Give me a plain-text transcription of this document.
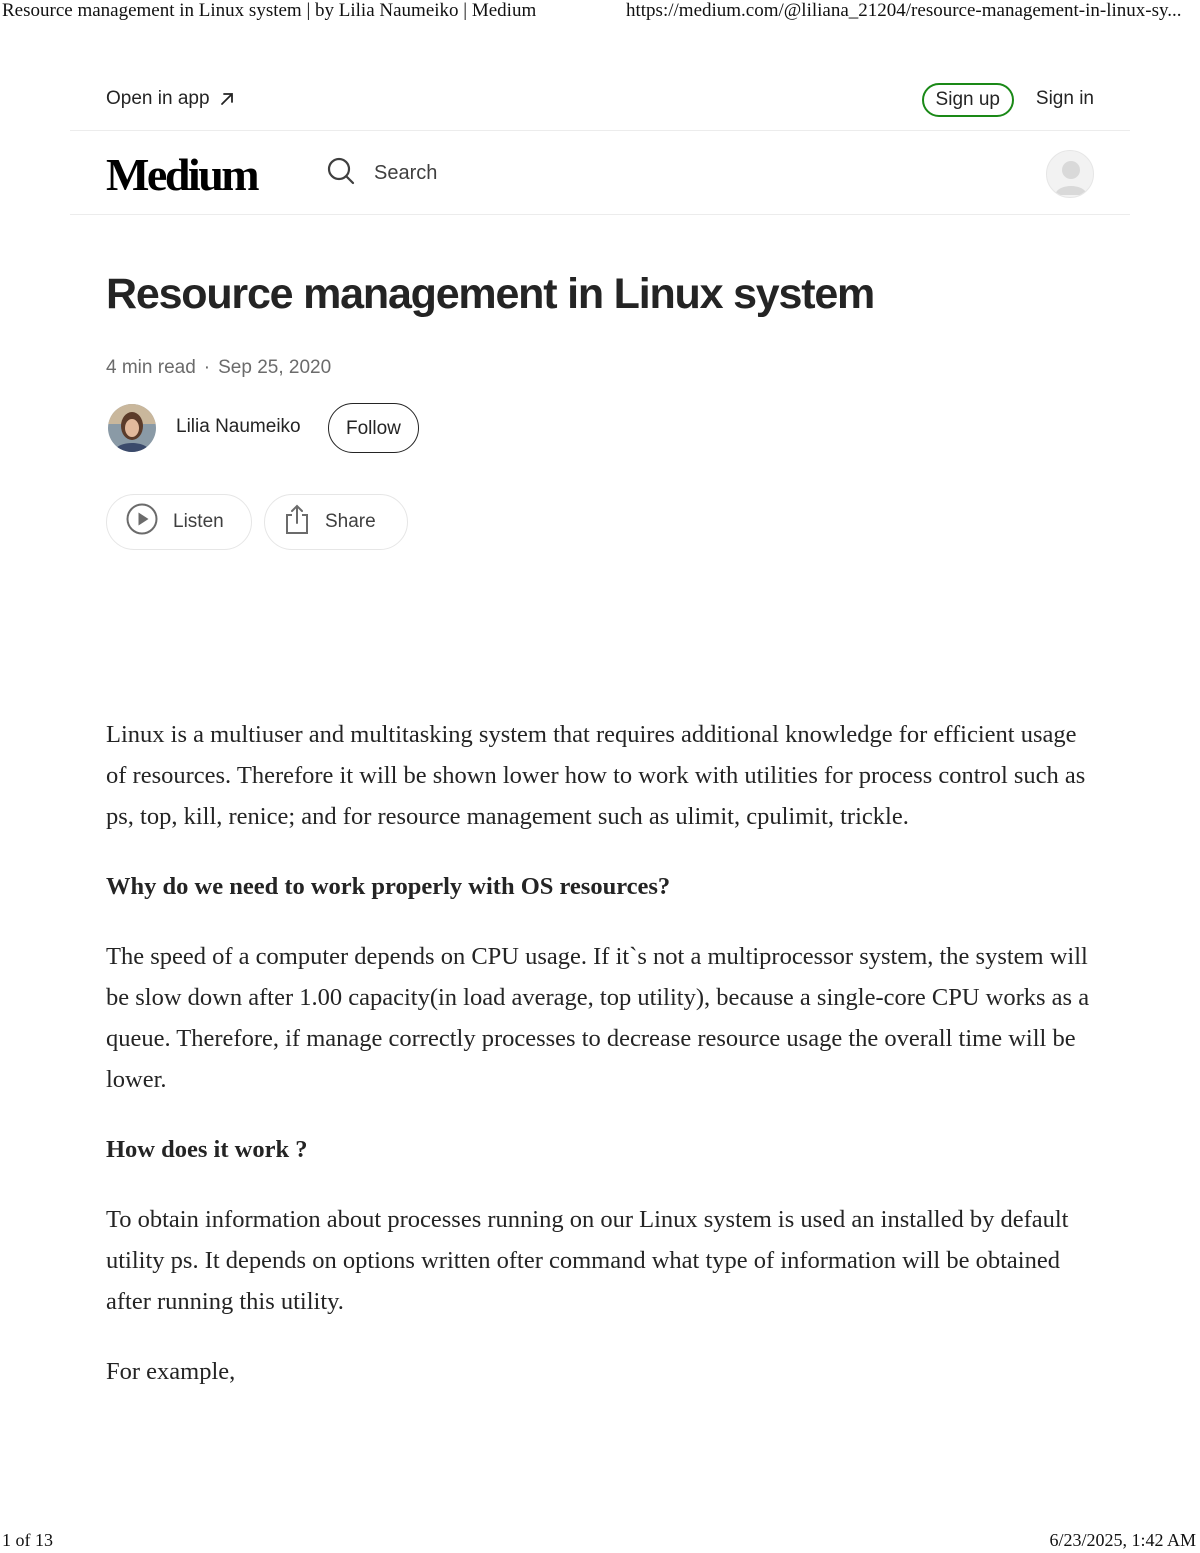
Resource management in Linux system | by Lilia Naumeiko | Medium	https://medium.com/@liliana_21204/resource-management-in-linux-sy...
Open in app	Sign up	Sign in
Medium	Search
Resource management in Linux system
4 min read · Sep 25, 2020
Lilia Naumeiko	Follow
Listen	Share

Linux is a multiuser and multitasking system that requires additional knowledge for efficient usage of resources. Therefore it will be shown lower how to work with utilities for process control such as ps, top, kill, renice; and for resource management such as ulimit, cpulimit, trickle.

Why do we need to work properly with OS resources?

The speed of a computer depends on CPU usage. If it`s not a multiprocessor system, the system will be slow down after 1.00 capacity(in load average, top utility), because a single-core CPU works as a queue. Therefore, if manage correctly processes to decrease resource usage the overall time will be lower.

How does it work ?

To obtain information about processes running on our Linux system is used an installed by default utility ps. It depends on options written ofter command what type of information will be obtained after running this utility.

For example,

1 of 13	6/23/2025, 1:42 AM
